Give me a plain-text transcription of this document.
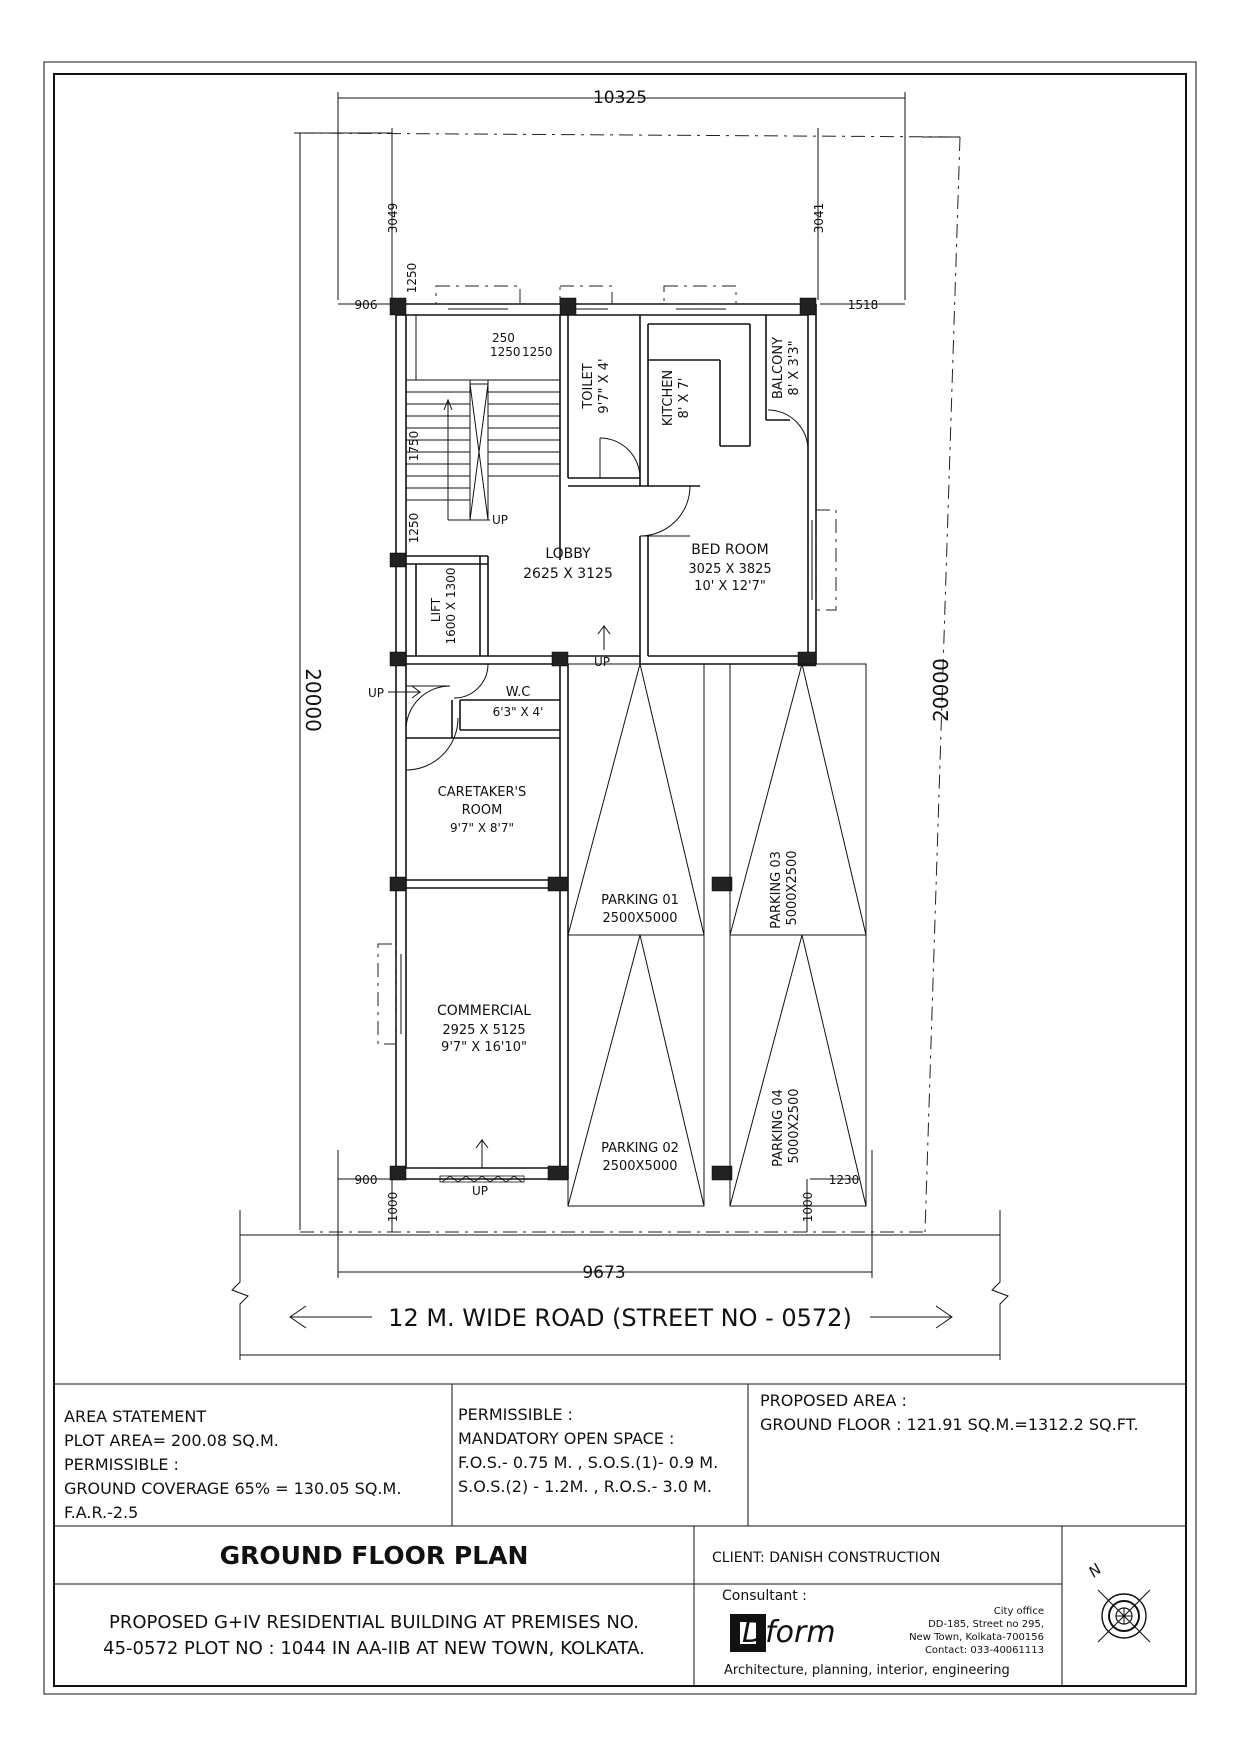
10325
9673
20000	20000
3049	3041
906	1518
900	1230
1000	1000
1250 1250
1250
250
1750
1250	UP
UP
UP
UP
TOILET 9'7" X 4'	KITCHEN 8' X 7'	BALCONY 8' X 3'3"
LOBBY
2625 X 3125
BED ROOM
3025 X 3825
10' X 12'7"
LIFT 1600 X 1300
W.C
6'3" X 4'
CARETAKER'S
ROOM
9'7" X 8'7"
COMMERCIAL
2925 X 5125
9'7" X 16'10"
PARKING 01
2500X5000
PARKING 02
2500X5000
PARKING 03 5000X2500
PARKING 04 5000X2500
12 M. WIDE ROAD (STREET NO - 0572)
AREA STATEMENT
PLOT AREA= 200.08 SQ.M.
PERMISSIBLE :
GROUND COVERAGE 65% = 130.05 SQ.M.
F.A.R.-2.5
PERMISSIBLE :
MANDATORY OPEN SPACE :
F.O.S.- 0.75 M. , S.O.S.(1)- 0.9 M.
S.O.S.(2) - 1.2M. , R.O.S.- 3.0 M.
PROPOSED AREA :
GROUND FLOOR : 121.91 SQ.M.=1312.2 SQ.FT.
GROUND FLOOR PLAN
PROPOSED G+IV RESIDENTIAL BUILDING AT PREMISES NO.
45-0572 PLOT NO : 1044 IN AA-IIB AT NEW TOWN, KOLKATA.
CLIENT: DANISH CONSTRUCTION
Consultant :
Dform
Architecture, planning, interior, engineering
City office
DD-185, Street no 295,
New Town, Kolkata-700156
Contact: 033-40061113
N
